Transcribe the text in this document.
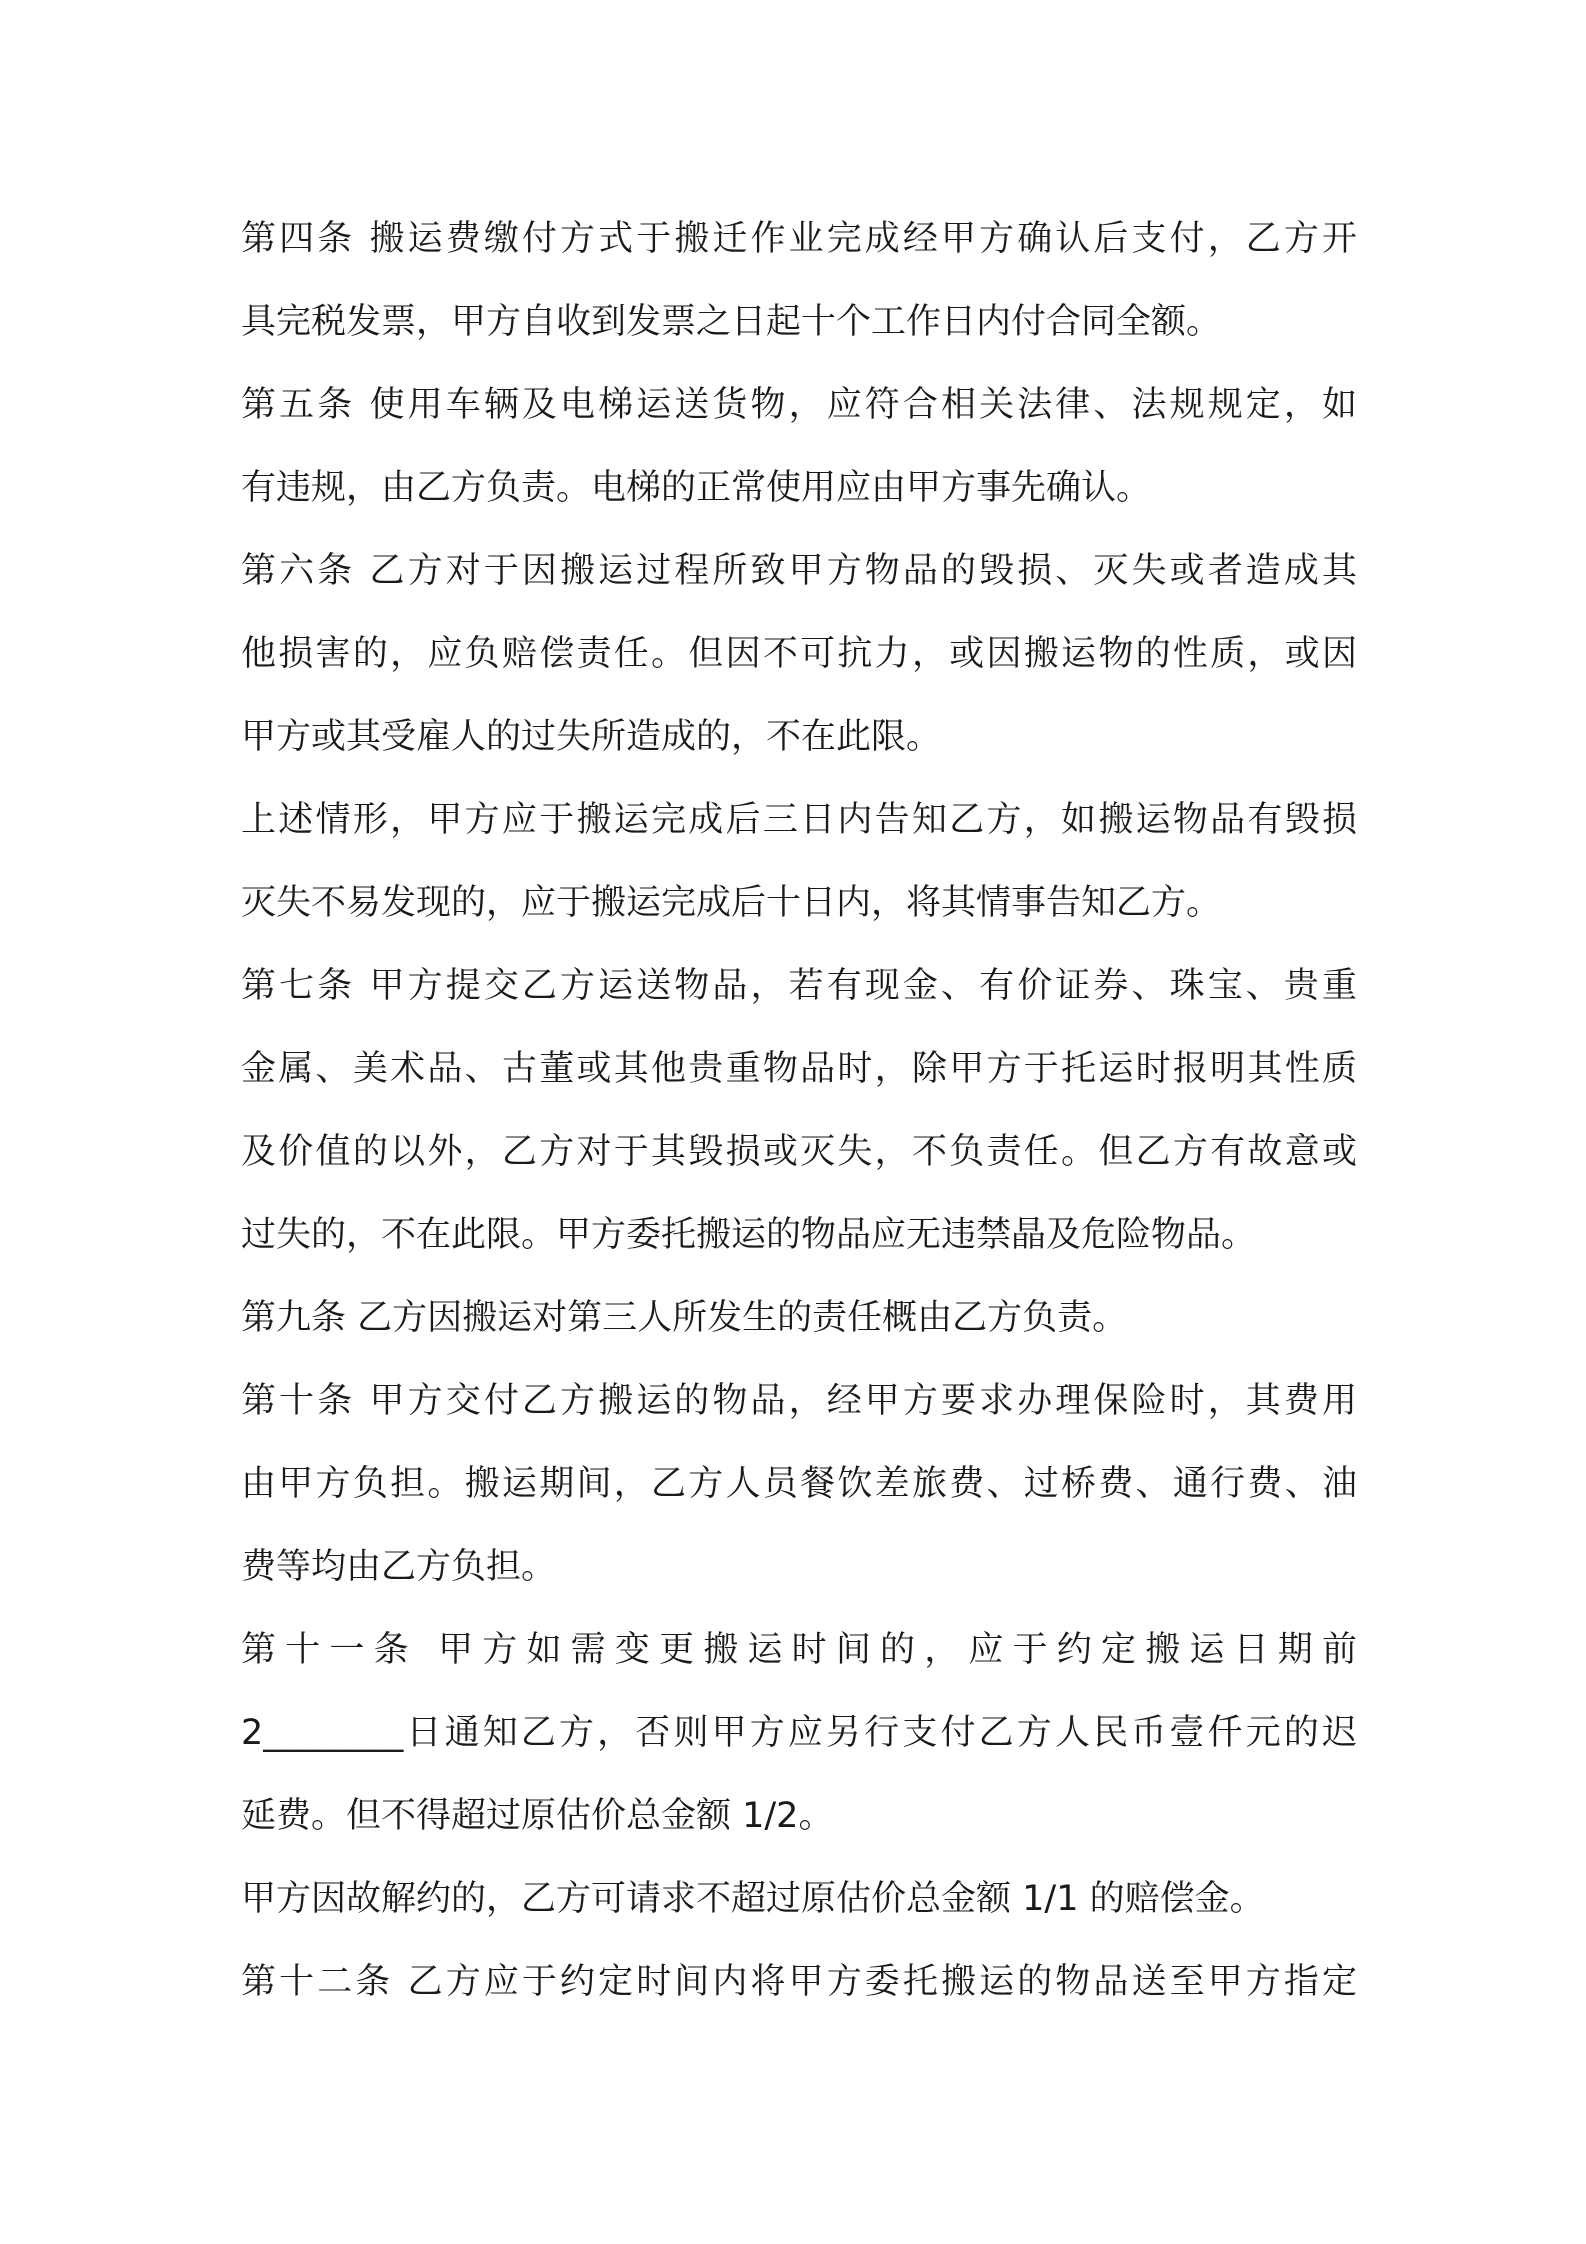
第四条 搬运费缴付方式于搬迁作业完成经甲方确认后支付，乙方开
具完税发票，甲方自收到发票之日起十个工作日内付合同全额。
第五条 使用车辆及电梯运送货物，应符合相关法律、法规规定，如
有违规，由乙方负责。电梯的正常使用应由甲方事先确认。
第六条 乙方对于因搬运过程所致甲方物品的毁损、灭失或者造成其
他损害的，应负赔偿责任。但因不可抗力，或因搬运物的性质，或因
甲方或其受雇人的过失所造成的，不在此限。
上述情形，甲方应于搬运完成后三日内告知乙方，如搬运物品有毁损
灭失不易发现的，应于搬运完成后十日内，将其情事告知乙方。
第七条 甲方提交乙方运送物品，若有现金、有价证券、珠宝、贵重
金属、美术品、古董或其他贵重物品时，除甲方于托运时报明其性质
及价值的以外，乙方对于其毁损或灭失，不负责任。但乙方有故意或
过失的，不在此限。甲方委托搬运的物品应无违禁晶及危险物品。
第九条 乙方因搬运对第三人所发生的责任概由乙方负责。
第十条 甲方交付乙方搬运的物品，经甲方要求办理保险时，其费用
由甲方负担。搬运期间，乙方人员餐饮差旅费、过桥费、通行费、油
费等均由乙方负担。
第十一条 甲方如需变更搬运时间的，应于约定搬运日期前
2________日通知乙方，否则甲方应另行支付乙方人民币壹仟元的迟
延费。但不得超过原估价总金额 1/2。
甲方因故解约的，乙方可请求不超过原估价总金额 1/1 的赔偿金。
第十二条 乙方应于约定时间内将甲方委托搬运的物品送至甲方指定
